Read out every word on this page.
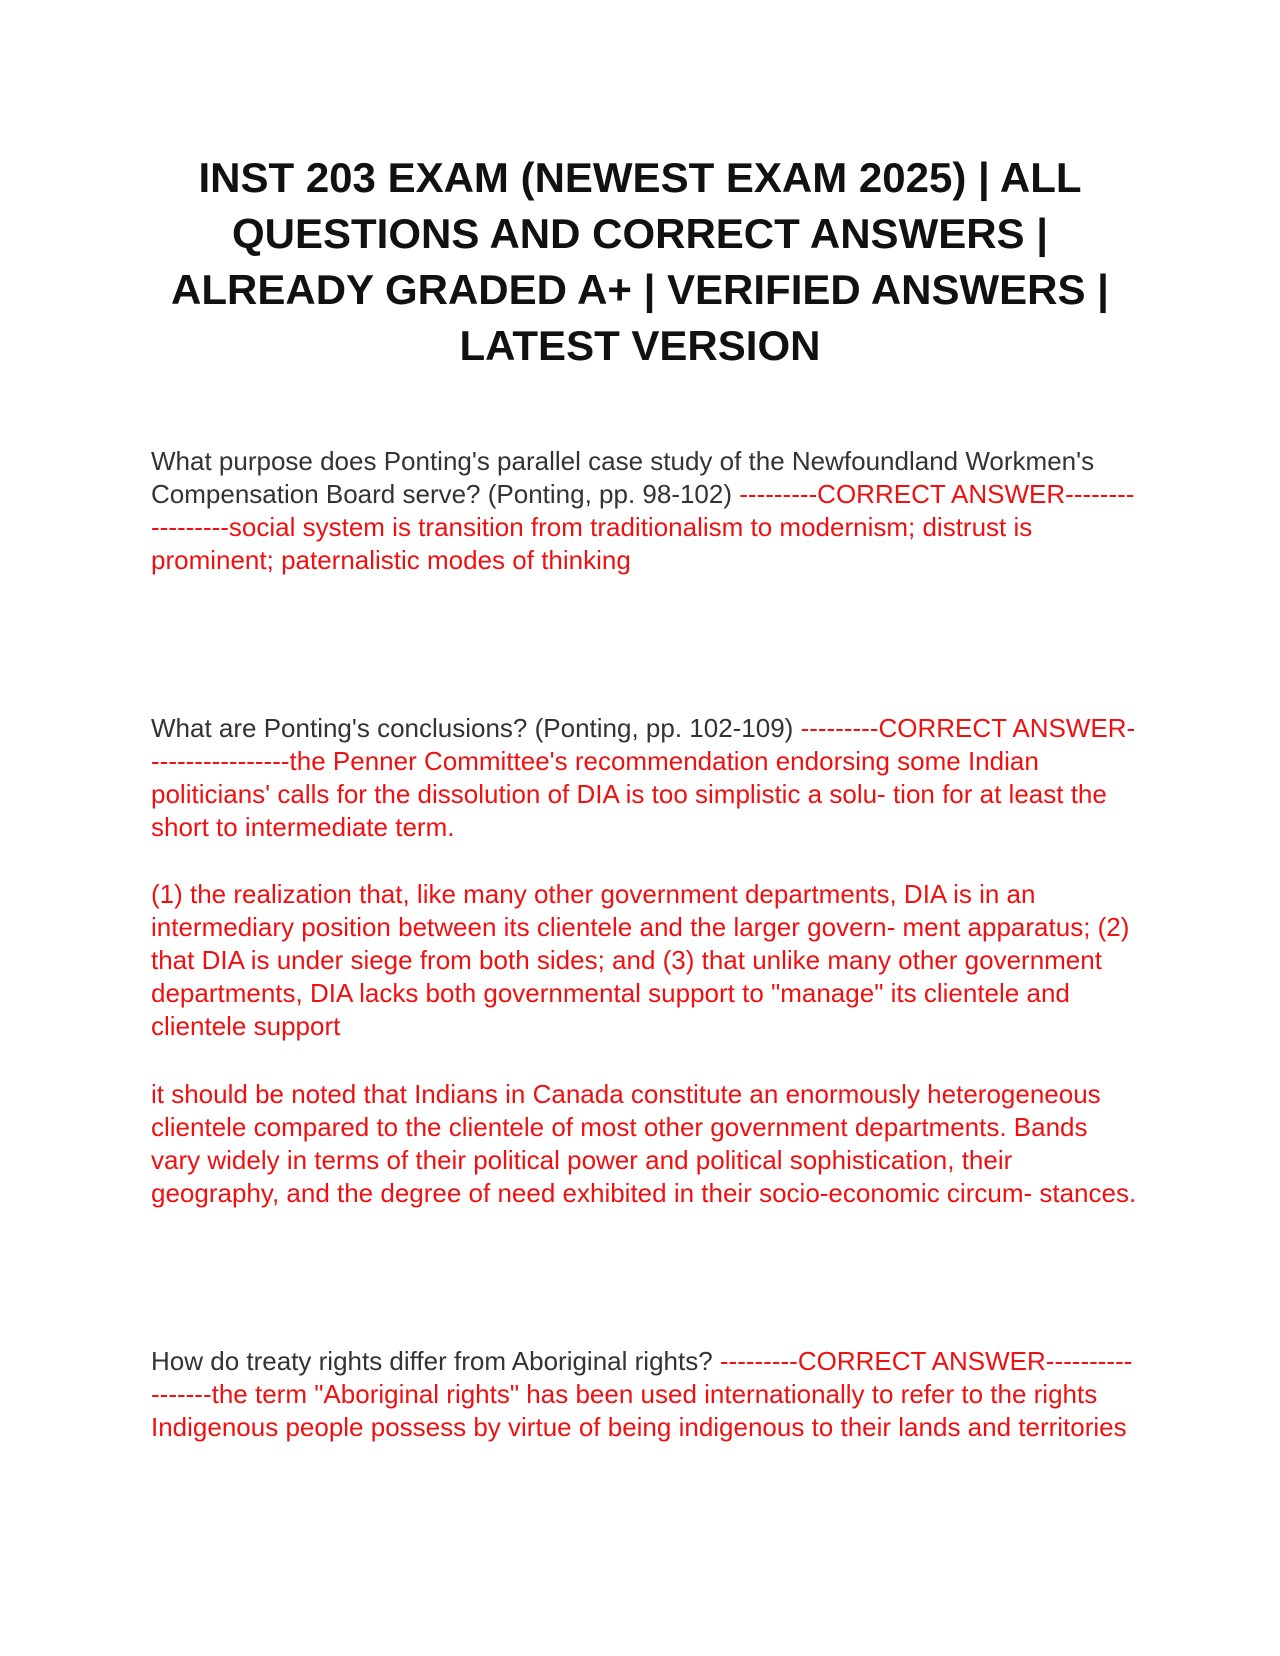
INST 203 EXAM (NEWEST EXAM 2025) | ALL QUESTIONS AND CORRECT ANSWERS | ALREADY GRADED A+ | VERIFIED ANSWERS | LATEST VERSION

What purpose does Ponting's parallel case study of the Newfoundland Workmen's Compensation Board serve? (Ponting, pp. 98-102) ---------CORRECT ANSWER-----------------social system is transition from traditionalism to modernism; distrust is prominent; paternalistic modes of thinking

What are Ponting's conclusions? (Ponting, pp. 102-109) ---------CORRECT ANSWER-----------------the Penner Committee's recommendation endorsing some Indian politicians' calls for the dissolution of DIA is too simplistic a solu- tion for at least the short to intermediate term.

(1) the realization that, like many other government departments, DIA is in an intermediary position between its clientele and the larger govern- ment apparatus; (2) that DIA is under siege from both sides; and (3) that unlike many other government departments, DIA lacks both governmental support to "manage" its clientele and clientele support

it should be noted that Indians in Canada constitute an enormously heterogeneous clientele compared to the clientele of most other government departments. Bands vary widely in terms of their political power and political sophistication, their geography, and the degree of need exhibited in their socio-economic circum- stances.

How do treaty rights differ from Aboriginal rights? ---------CORRECT ANSWER-----------------the term "Aboriginal rights" has been used internationally to refer to the rights Indigenous people possess by virtue of being indigenous to their lands and territories
